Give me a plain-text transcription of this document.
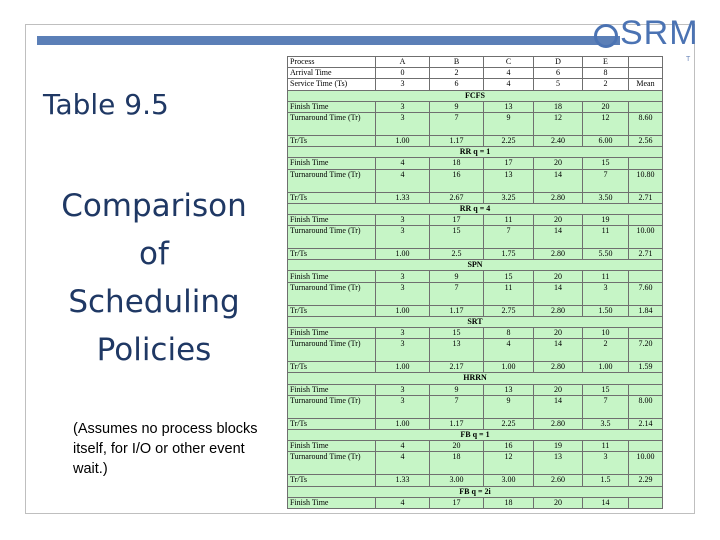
SRM
T
Table 9.5
Comparison
of
Scheduling
Policies
(Assumes no process blocks itself, for I/O or other event wait.)
Process	A	B	C	D	E	
Arrival Time	0	2	4	6	8	
Service Time (Ts)	3	6	4	5	2	Mean
FCFS						
Finish Time	3	9	13	18	20	
Turnaround Time (Tr)	3	7	9	12	12	8.60
Tr/Ts	1.00	1.17	2.25	2.40	6.00	2.56
RR q = 1						
Finish Time	4	18	17	20	15	
Turnaround Time (Tr)	4	16	13	14	7	10.80
Tr/Ts	1.33	2.67	3.25	2.80	3.50	2.71
RR q = 4						
Finish Time	3	17	11	20	19	
Turnaround Time (Tr)	3	15	7	14	11	10.00
Tr/Ts	1.00	2.5	1.75	2.80	5.50	2.71
SPN						
Finish Time	3	9	15	20	11	
Turnaround Time (Tr)	3	7	11	14	3	7.60
Tr/Ts	1.00	1.17	2.75	2.80	1.50	1.84
SRT						
Finish Time	3	15	8	20	10	
Turnaround Time (Tr)	3	13	4	14	2	7.20
Tr/Ts	1.00	2.17	1.00	2.80	1.00	1.59
HRRN						
Finish Time	3	9	13	20	15	
Turnaround Time (Tr)	3	7	9	14	7	8.00
Tr/Ts	1.00	1.17	2.25	2.80	3.5	2.14
FB q = 1						
Finish Time	4	20	16	19	11	
Turnaround Time (Tr)	4	18	12	13	3	10.00
Tr/Ts	1.33	3.00	3.00	2.60	1.5	2.29
FB q = 2i						
Finish Time	4	17	18	20	14	
